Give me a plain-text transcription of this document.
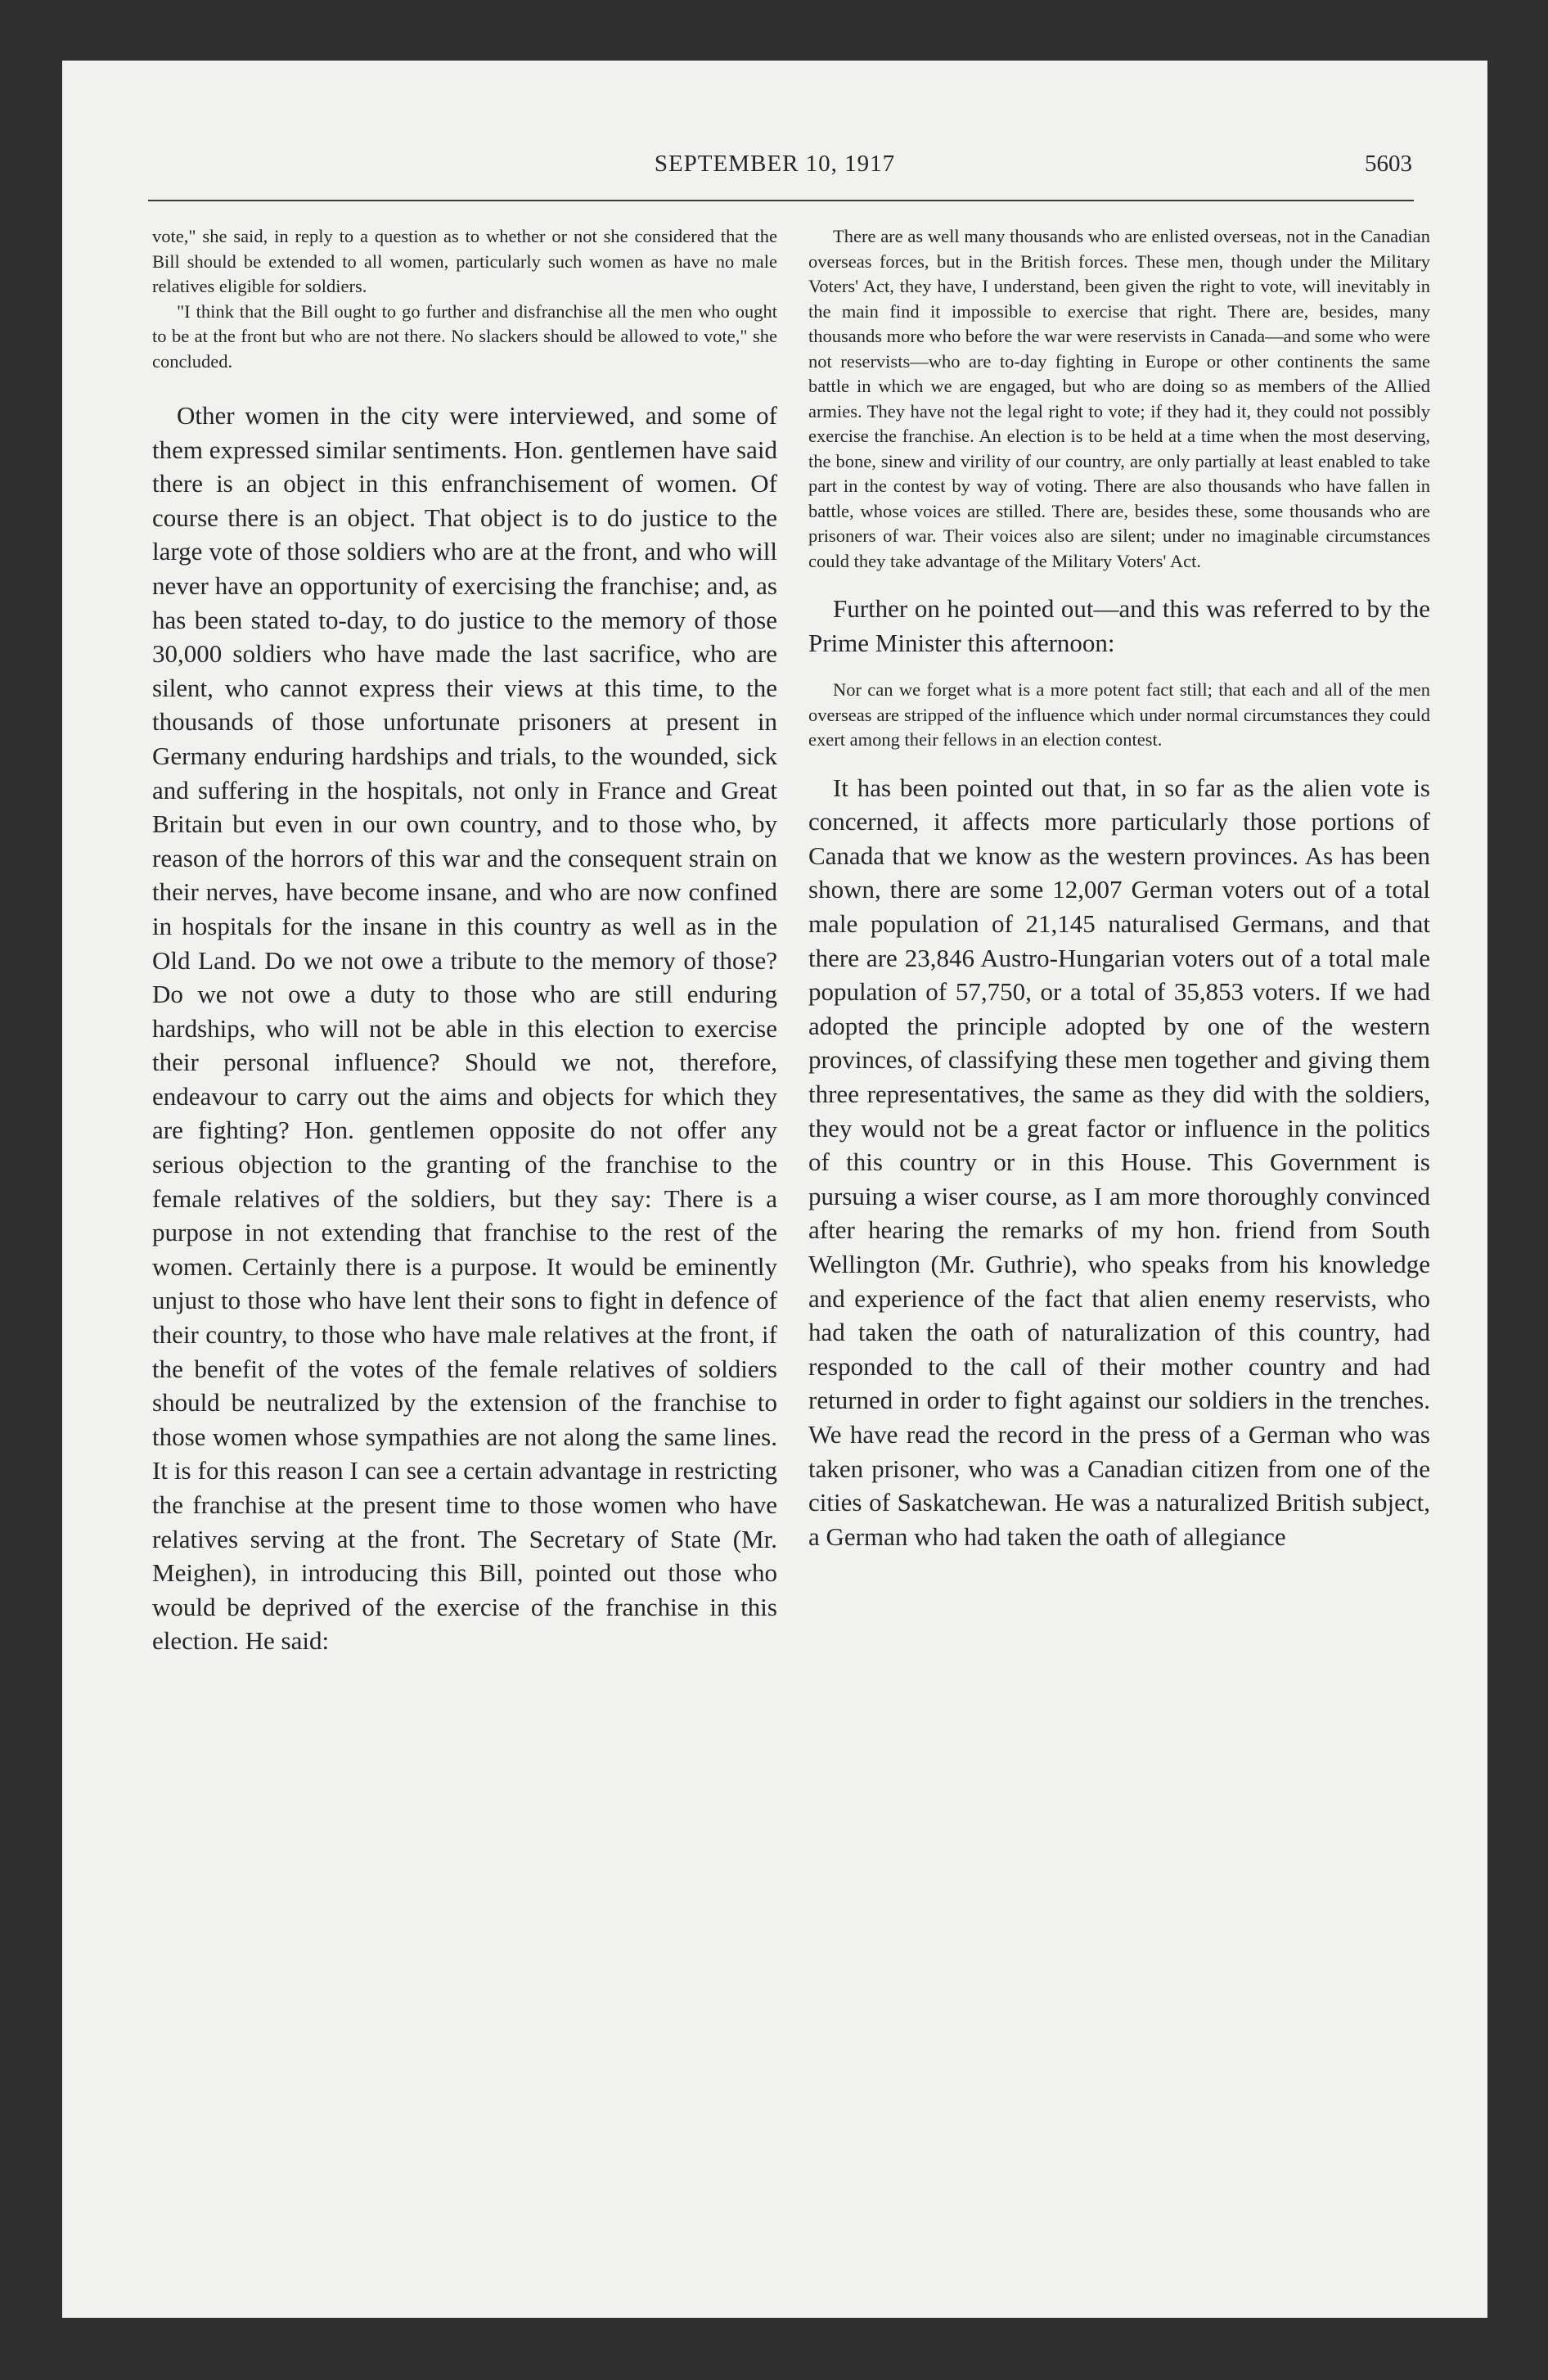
SEPTEMBER 10, 1917	5603

vote," she said, in reply to a question as to whether or not she considered that the Bill should be extended to all women, particularly such women as have no male relatives eligible for soldiers.

"I think that the Bill ought to go further and disfranchise all the men who ought to be at the front but who are not there. No slackers should be allowed to vote," she concluded.

Other women in the city were interviewed, and some of them expressed similar sentiments. Hon. gentlemen have said there is an object in this enfranchisement of women. Of course there is an object. That object is to do justice to the large vote of those soldiers who are at the front, and who will never have an opportunity of exercising the franchise; and, as has been stated to-day, to do justice to the memory of those 30,000 soldiers who have made the last sacrifice, who are silent, who cannot express their views at this time, to the thousands of those unfortunate prisoners at present in Germany enduring hardships and trials, to the wounded, sick and suffering in the hospitals, not only in France and Great Britain but even in our own country, and to those who, by reason of the horrors of this war and the consequent strain on their nerves, have become insane, and who are now confined in hospitals for the insane in this country as well as in the Old Land. Do we not owe a tribute to the memory of those? Do we not owe a duty to those who are still enduring hardships, who will not be able in this election to exercise their personal influence? Should we not, therefore, endeavour to carry out the aims and objects for which they are fighting? Hon. gentlemen opposite do not offer any serious objection to the granting of the franchise to the female relatives of the soldiers, but they say: There is a purpose in not extending that franchise to the rest of the women. Certainly there is a purpose. It would be eminently unjust to those who have lent their sons to fight in defence of their country, to those who have male relatives at the front, if the benefit of the votes of the female relatives of soldiers should be neutralized by the extension of the franchise to those women whose sympathies are not along the same lines. It is for this reason I can see a certain advantage in restricting the franchise at the present time to those women who have relatives serving at the front. The Secretary of State (Mr. Meighen), in introducing this Bill, pointed out those who would be deprived of the exercise of the franchise in this election. He said:

There are as well many thousands who are enlisted overseas, not in the Canadian overseas forces, but in the British forces. These men, though under the Military Voters' Act, they have, I understand, been given the right to vote, will inevitably in the main find it impossible to exercise that right. There are, besides, many thousands more who before the war were reservists in Canada—and some who were not reservists—who are to-day fighting in Europe or other continents the same battle in which we are engaged, but who are doing so as members of the Allied armies. They have not the legal right to vote; if they had it, they could not possibly exercise the franchise. An election is to be held at a time when the most deserving, the bone, sinew and virility of our country, are only partially at least enabled to take part in the contest by way of voting. There are also thousands who have fallen in battle, whose voices are stilled. There are, besides these, some thousands who are prisoners of war. Their voices also are silent; under no imaginable circumstances could they take advantage of the Military Voters' Act.

Further on he pointed out—and this was referred to by the Prime Minister this afternoon:

Nor can we forget what is a more potent fact still; that each and all of the men overseas are stripped of the influence which under normal circumstances they could exert among their fellows in an election contest.

It has been pointed out that, in so far as the alien vote is concerned, it affects more particularly those portions of Canada that we know as the western provinces. As has been shown, there are some 12,007 German voters out of a total male population of 21,145 naturalised Germans, and that there are 23,846 Austro-Hungarian voters out of a total male population of 57,750, or a total of 35,853 voters. If we had adopted the principle adopted by one of the western provinces, of classifying these men together and giving them three representatives, the same as they did with the soldiers, they would not be a great factor or influence in the politics of this country or in this House. This Government is pursuing a wiser course, as I am more thoroughly convinced after hearing the remarks of my hon. friend from South Wellington (Mr. Guthrie), who speaks from his knowledge and experience of the fact that alien enemy reservists, who had taken the oath of naturalization of this country, had responded to the call of their mother country and had returned in order to fight against our soldiers in the trenches. We have read the record in the press of a German who was taken prisoner, who was a Canadian citizen from one of the cities of Saskatchewan. He was a naturalized British subject, a German who had taken the oath of allegiance
